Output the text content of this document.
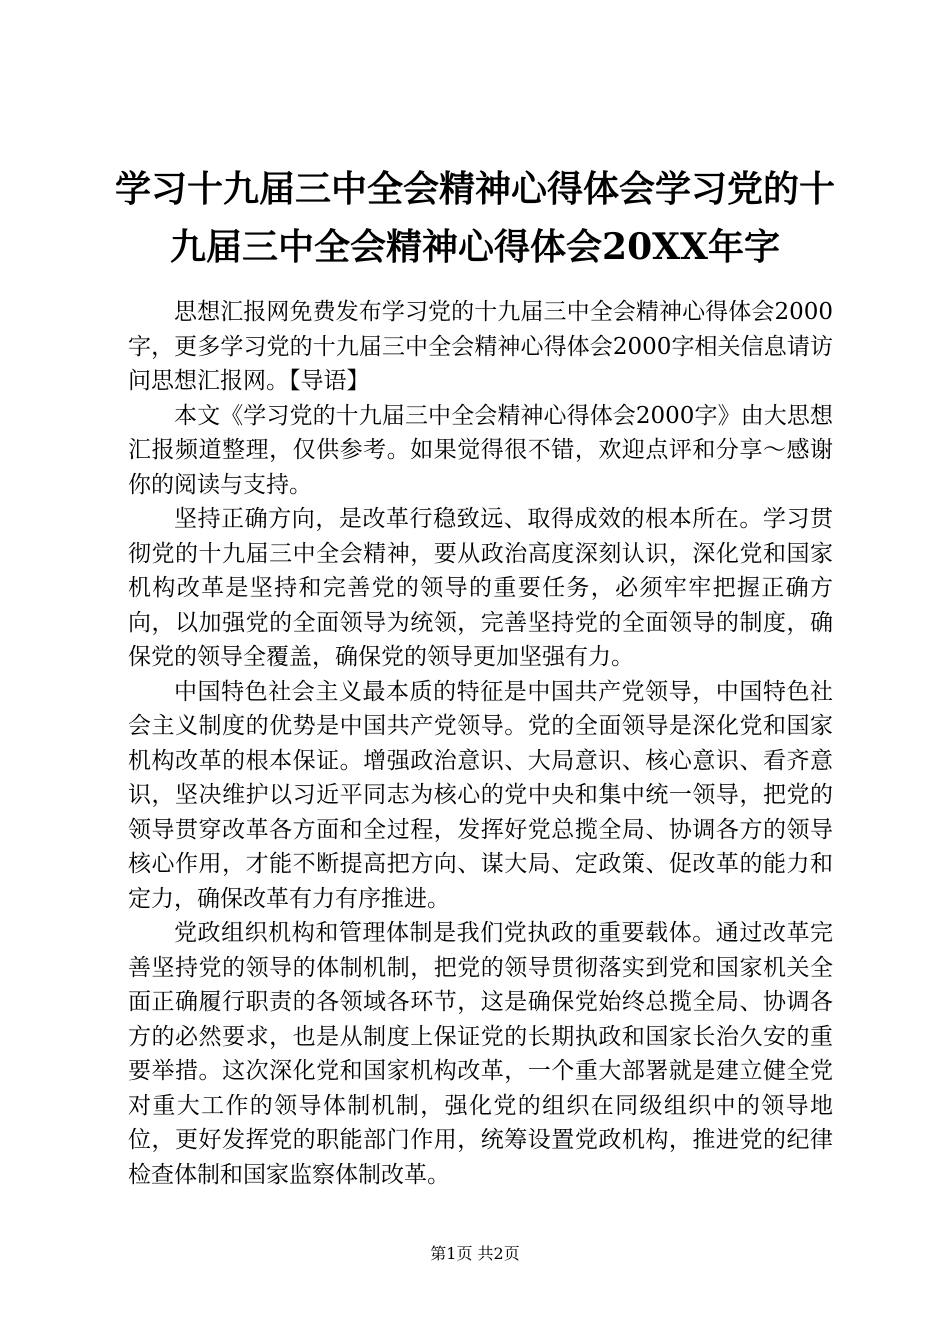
学习十九届三中全会精神心得体会学习党的十九届三中全会精神心得体会20XX年字

思想汇报网免费发布学习党的十九届三中全会精神心得体会2000字，更多学习党的十九届三中全会精神心得体会2000字相关信息请访问思想汇报网。【导语】

本文《学习党的十九届三中全会精神心得体会2000字》由大思想汇报频道整理，仅供参考。如果觉得很不错，欢迎点评和分享～感谢你的阅读与支持。

坚持正确方向，是改革行稳致远、取得成效的根本所在。学习贯彻党的十九届三中全会精神，要从政治高度深刻认识，深化党和国家机构改革是坚持和完善党的领导的重要任务，必须牢牢把握正确方向，以加强党的全面领导为统领，完善坚持党的全面领导的制度，确保党的领导全覆盖，确保党的领导更加坚强有力。

中国特色社会主义最本质的特征是中国共产党领导，中国特色社会主义制度的优势是中国共产党领导。党的全面领导是深化党和国家机构改革的根本保证。增强政治意识、大局意识、核心意识、看齐意识，坚决维护以习近平同志为核心的党中央和集中统一领导，把党的领导贯穿改革各方面和全过程，发挥好党总揽全局、协调各方的领导核心作用，才能不断提高把方向、谋大局、定政策、促改革的能力和定力，确保改革有力有序推进。

党政组织机构和管理体制是我们党执政的重要载体。通过改革完善坚持党的领导的体制机制，把党的领导贯彻落实到党和国家机关全面正确履行职责的各领域各环节，这是确保党始终总揽全局、协调各方的必然要求，也是从制度上保证党的长期执政和国家长治久安的重要举措。这次深化党和国家机构改革，一个重大部署就是建立健全党对重大工作的领导体制机制，强化党的组织在同级组织中的领导地位，更好发挥党的职能部门作用，统筹设置党政机构，推进党的纪律检查体制和国家监察体制改革。

第1页 共2页
